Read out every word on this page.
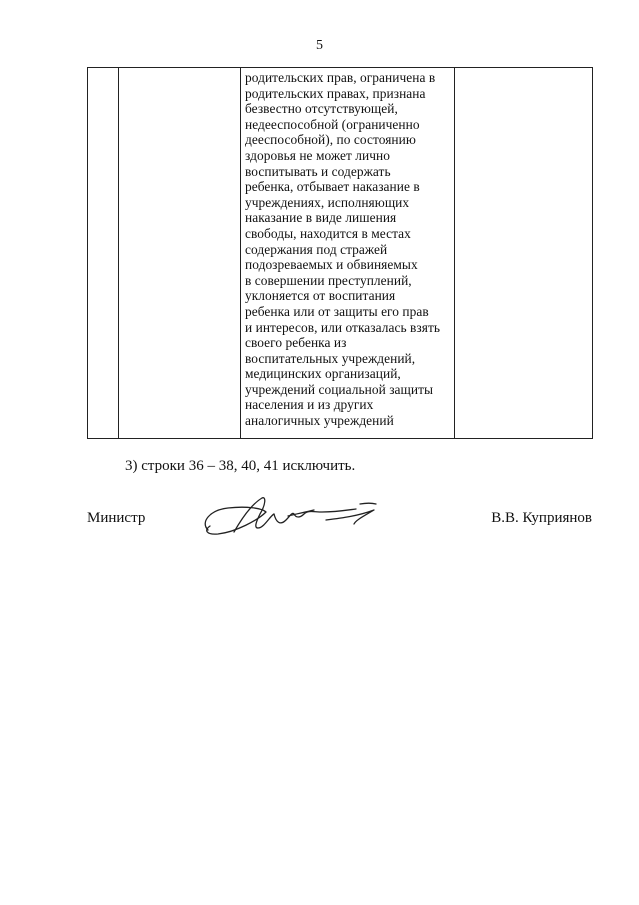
5

родительских прав, ограничена в
родительских правах, признана
безвестно отсутствующей,
недееспособной (ограниченно
дееспособной), по состоянию
здоровья не может лично
воспитывать и содержать
ребенка, отбывает наказание в
учреждениях, исполняющих
наказание в виде лишения
свободы, находится в местах
содержания под стражей
подозреваемых и обвиняемых
в совершении преступлений,
уклоняется от воспитания
ребенка или от защиты его прав
и интересов, или отказалась взять
своего ребенка из
воспитательных учреждений,
медицинских организаций,
учреждений социальной защиты
населения и из других
аналогичных учреждений

3) строки 36 – 38, 40, 41 исключить.
Министр	В.В. Куприянов
